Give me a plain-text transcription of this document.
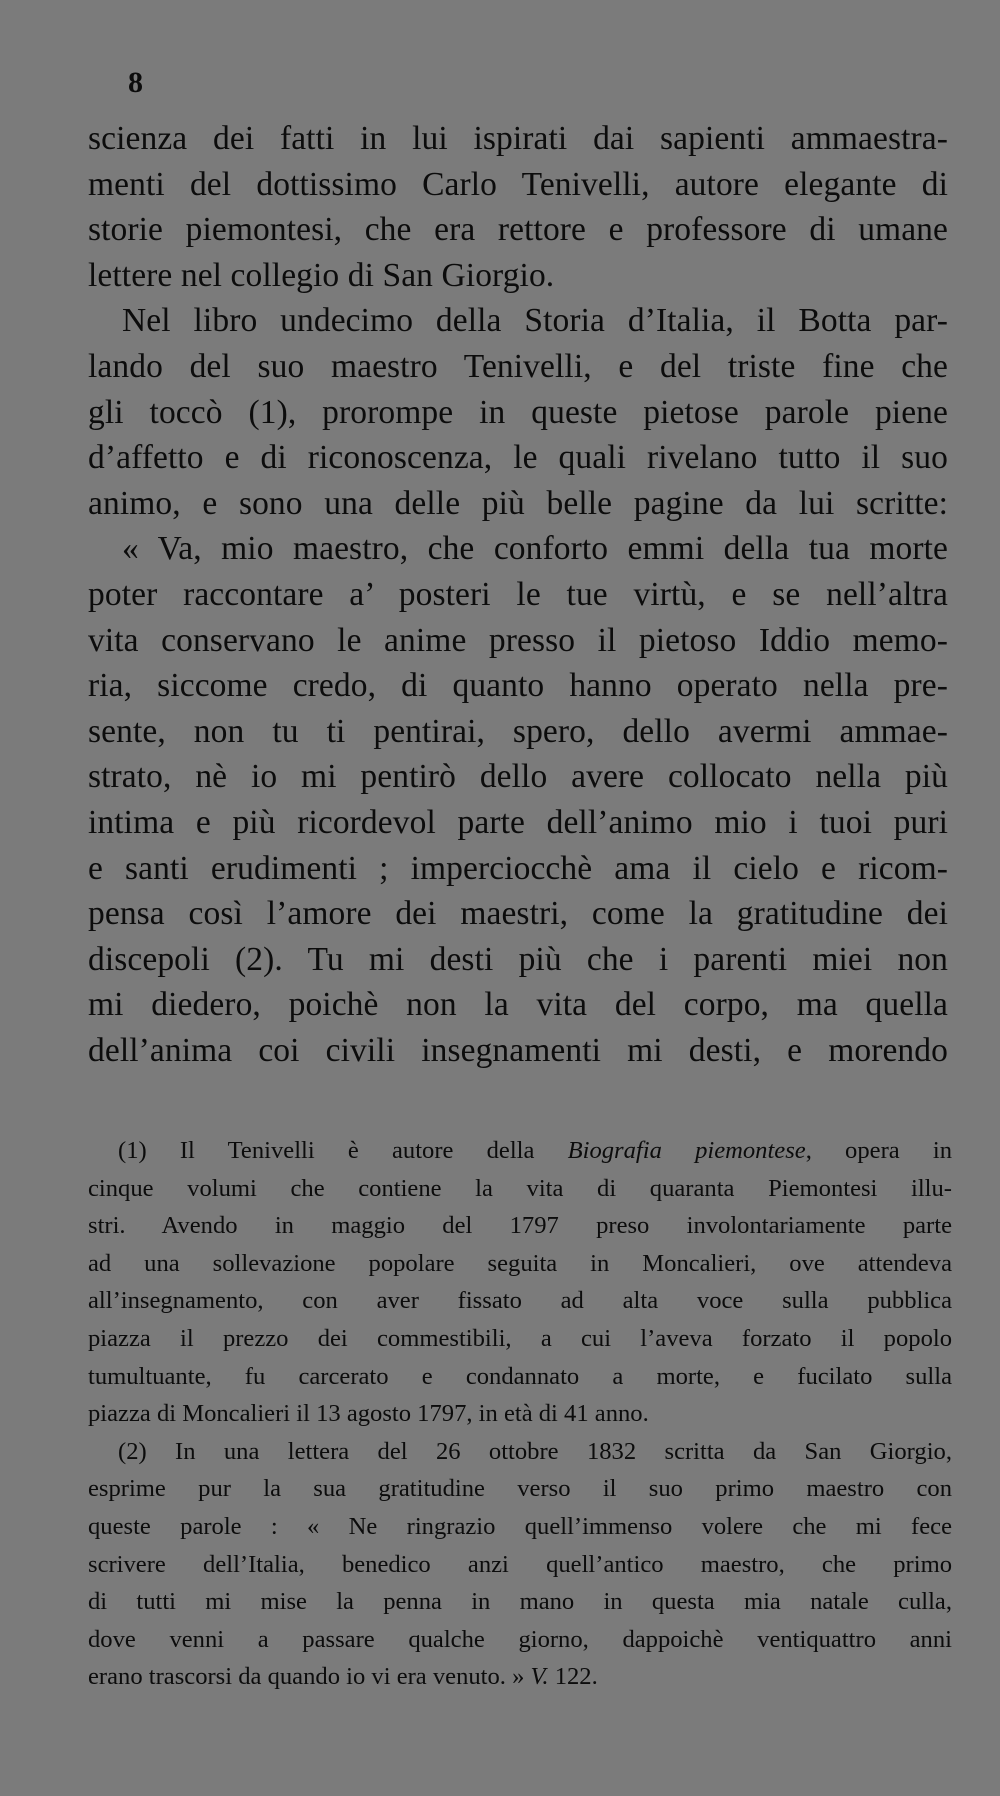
8
scienza dei fatti in lui ispirati dai sapienti ammaestra-
menti del dottissimo Carlo Tenivelli, autore elegante di
storie piemontesi, che era rettore e professore di umane
lettere nel collegio di San Giorgio.
Nel libro undecimo della Storia d’Italia, il Botta par-
lando del suo maestro Tenivelli, e del triste fine che
gli toccò (1), prorompe in queste pietose parole piene
d’affetto e di riconoscenza, le quali rivelano tutto il suo
animo, e sono una delle più belle pagine da lui scritte:
« Va, mio maestro, che conforto emmi della tua morte
poter raccontare a’ posteri le tue virtù, e se nell’altra
vita conservano le anime presso il pietoso Iddio memo-
ria, siccome credo, di quanto hanno operato nella pre-
sente, non tu ti pentirai, spero, dello avermi ammae-
strato, nè io mi pentirò dello avere collocato nella più
intima e più ricordevol parte dell’animo mio i tuoi puri
e santi erudimenti ; imperciocchè ama il cielo e ricom-
pensa così l’amore dei maestri, come la gratitudine dei
discepoli (2). Tu mi desti più che i parenti miei non
mi diedero, poichè non la vita del corpo, ma quella
dell’anima coi civili insegnamenti mi desti, e morendo
(1) Il Tenivelli è autore della Biografia piemontese, opera in
cinque volumi che contiene la vita di quaranta Piemontesi illu-
stri. Avendo in maggio del 1797 preso involontariamente parte
ad una sollevazione popolare seguita in Moncalieri, ove attendeva
all’insegnamento, con aver fissato ad alta voce sulla pubblica
piazza il prezzo dei commestibili, a cui l’aveva forzato il popolo
tumultuante, fu carcerato e condannato a morte, e fucilato sulla
piazza di Moncalieri il 13 agosto 1797, in età di 41 anno.
(2) In una lettera del 26 ottobre 1832 scritta da San Giorgio,
esprime pur la sua gratitudine verso il suo primo maestro con
queste parole : « Ne ringrazio quell’immenso volere che mi fece
scrivere dell’Italia, benedico anzi quell’antico maestro, che primo
di tutti mi mise la penna in mano in questa mia natale culla,
dove venni a passare qualche giorno, dappoichè ventiquattro anni
erano trascorsi da quando io vi era venuto. » V. 122.
